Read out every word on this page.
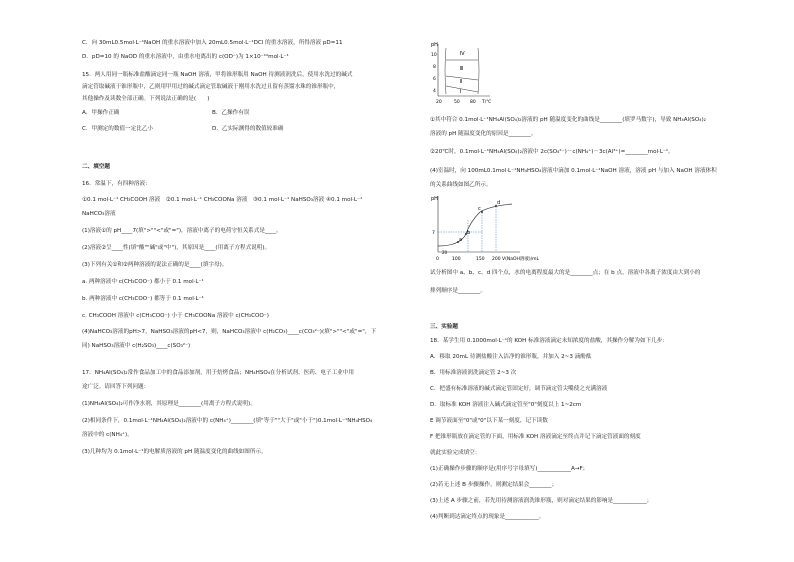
C．向 30mL0.5mol·L⁻¹NaOH 的重水溶液中加入 20mL0.5mol·L⁻¹DCl 的重水溶液，所得溶液 pD=11
D．pD=10 的 NaOD 的重水溶液中，由重水电离出的 c(OD⁻)为 1×10⁻¹⁰mol·L⁻¹
15．两人用同一瓶标准盐酸滴定同一瓶 NaOH 溶液，甲将锥形瓶用 NaOH 待测液润洗后，使用水洗过的碱式
滴定管取碱液于锥形瓶中，乙则用甲用过的碱式滴定管取碱液于刚用水洗过且留有蒸馏水珠的锥形瓶中，
其他操作及读数全部正确。下列说法正确的是(　　)
A．甲操作正确	B．乙操作有误
C．甲测定的数值一定比乙小	D．乙实际测得的数值较准确
二、填空题
16．常温下，有四种溶液：
①0.1 mol·L⁻¹ CH₃COOH 溶液　②0.1 mol·L⁻¹ CH₃COONa 溶液　③0.1 mol·L⁻¹ NaHSO₃溶液 ④0.1 mol·L⁻¹
NaHCO₃溶液
(1)溶液①的 pH____7(填">""<"或"=")，溶液中离子的电荷守恒关系式是____。
(2)溶液②呈____性(填"酸""碱"或"中")，其原因是____(用离子方程式说明)。
(3)下列有关①和②两种溶液的说法正确的是____(填字母)。
a. 两种溶液中 c(CH₃COO⁻) 都小于 0.1 mol·L⁻¹
b. 两种溶液中 c(CH₃COO⁻) 都等于 0.1 mol·L⁻¹
c. CH₃COOH 溶液中 c(CH₃COO⁻) 小于 CH₃COONa 溶液中 c(CH₃COO⁻)
(4)NaHCO₃溶液的pH>7，NaHSO₃溶液的pH<7，则，NaHCO₃溶液中 c(H₂CO₃)____c(CO₃²⁻)(填">""<"或"="，下
同) NaHSO₃溶液中 c(H₂SO₃)____c(SO₃²⁻)
17．NH₄Al(SO₄)₂常作食品加工中的食品添加剂，用于焙烤食品；NH₄HSO₄在分析试剂、医药、电子工业中用
途广泛。请回答下列问题：
(1)NH₄Al(SO₄)₂可作净水剂，其原理是________(用离子方程式说明)。
(2)相同条件下，0.1mol·L⁻¹NH₄Al(SO₄)₂溶液中的 c(NH₄⁺)________(填"等于""大于"或"小于")0.1mol·L⁻¹NH₄HSO₄
溶液中的 c(NH₄⁺)。
(3)几种均为 0.1mol·L⁻¹的电解质溶液的 pH 随温度变化的曲线如图所示。
①其中符合 0.1mol·L⁻¹NH₄Al(SO₄)₂溶液的 pH 随温度变化的曲线是________(填罗马数字)，导致 NH₄Al(SO₄)₂
溶液的 pH 随温度变化的原因是________。
②20℃时，0.1mol·L⁻¹NH₄Al(SO₄)₂溶液中 2c(SO₄²⁻)－c(NH₄⁺)－3c(Al³⁺)=________mol·L⁻¹。
(4)室温时，向 100mL0.1mol·L⁻¹NH₄HSO₄溶液中滴加 0.1mol·L⁻¹NaOH 溶液，溶液 pH 与加入 NaOH 溶液体积
的关系曲线如图乙所示。
试分析图中 a、b、c、d 四个点，水的电离程度最大的是________点；在 b 点，溶液中各离子浓度由大到小的
排列顺序是________。
三、实验题
18．某学生用 0.1000mol·L⁻¹的 KOH 标准溶液滴定未知浓度的盐酸，其操作分解为如下几步：
A．移取 20mL 待测盐酸注入洁净的锥形瓶，并加入 2~3 滴酚酞
B．用标准溶液润洗滴定管 2~3 次
C．把盛有标准溶液的碱式滴定管固定好，调节滴定管尖嘴使之充满溶液
D．取标准 KOH 溶液注入碱式滴定管至"0"刻度以上 1~2cm
E 调节液面至"0"或"0"以下某一刻度，记下读数
F 把锥形瓶放在滴定管的下面，用标准 KOH 溶液滴定至终点并记下滴定管液面的刻度
就此实验完成填空：
(1)正确操作步骤的顺序是(用序号字母填写)____________A→F；
(2)若无上述 B 步骤操作，则测定结果会________；
(3)上述 A 步骤之前，若先用待测溶液润洗锥形瓶，则对滴定结果的影响是____________；
(4)判断到达滴定终点的现象是____________。
pH
10
8
6
4
20	50 80 T/℃
Ⅳ
Ⅲ
Ⅱ
Ⅰ
pH
7
a
b
c
d
0	100	150 200
20
V(NaOH溶液)/mL
